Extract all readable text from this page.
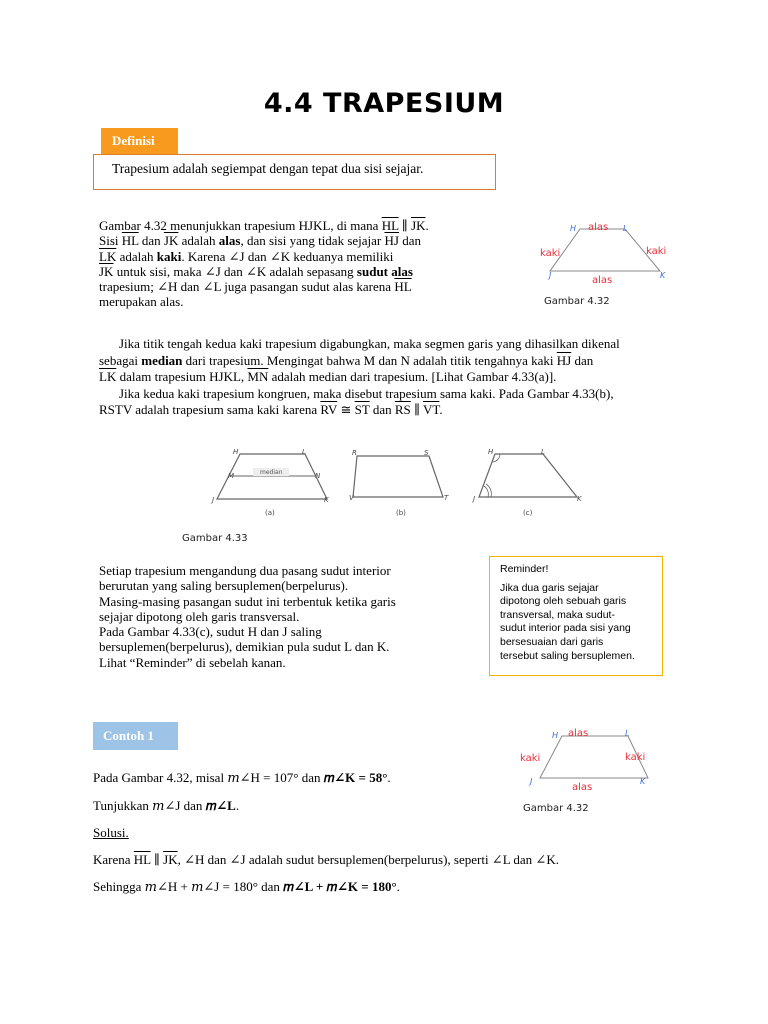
4.4 TRAPESIUM
Definisi
Trapesium adalah segiempat dengan tepat dua sisi sejajar.
Gambar 4.32 menunjukkan trapesium HJKL, di mana $\overline{HL}$ ∥ $\overline{JK}$.
Sisi $\overline{HL}$ dan $\overline{JK}$ adalah alas, dan sisi yang tidak sejajar $\overline{HJ}$ dan
$\overline{LK}$ adalah kaki. Karena ∠J dan ∠K keduanya memiliki
$\overline{JK}$ untuk sisi, maka ∠J dan ∠K adalah sepasang sudut alas
trapesium; ∠H dan ∠L juga pasangan sudut alas karena $\overline{HL}$
merupakan alas.
H	L
J	K
alas
alas
kaki	kaki
Gambar 4.32
Jika titik tengah kedua kaki trapesium digabungkan, maka segmen garis yang dihasilkan dikenal
sebagai median dari trapesium. Mengingat bahwa M dan N adalah titik tengahnya kaki $\overline{HJ}$ dan
$\overline{LK}$ dalam trapesium HJKL, $\overline{MN}$ adalah median dari trapesium. [Lihat Gambar 4.33(a)].
Jika kedua kaki trapesium kongruen, maka disebut trapesium sama kaki. Pada Gambar 4.33(b),
RSTV adalah trapesium sama kaki karena $\overline{RV}$ ≅ $\overline{ST}$ dan $\overline{RS}$ ∥ $\overline{VT}$.
median
H	L
M	N
J	K
(a)
R	S
V	T
(b)
H	L
J	K
(c)
Gambar 4.33
Setiap trapesium mengandung dua pasang sudut interior
berurutan yang saling bersuplemen(berpelurus).
Masing-masing pasangan sudut ini terbentuk ketika garis
sejajar dipotong oleh garis transversal.
Pada Gambar 4.33(c), sudut H dan J saling
bersuplemen(berpelurus), demikian pula sudut L dan K.
Lihat “Reminder” di sebelah kanan.
Reminder!
Jika dua garis sejajar
dipotong oleh sebuah garis
transversal, maka sudut-
sudut interior pada sisi yang
bersesuaian dari garis
tersebut saling bersuplemen.
Contoh 1	H	L
J	K
alas
alas
kaki	kaki
Gambar 4.32
Pada Gambar 4.32, misal 𝑚∠H = 107° dan 𝑚∠K = 58°.
Tunjukkan 𝑚∠J dan 𝑚∠L.
Solusi.
Karena $\overline{HL}$ ∥ $\overline{JK}$, ∠H dan ∠J adalah sudut bersuplemen(berpelurus), seperti ∠L dan ∠K.
Sehingga 𝑚∠H + 𝑚∠J = 180° dan 𝑚∠L + 𝑚∠K = 180°.
